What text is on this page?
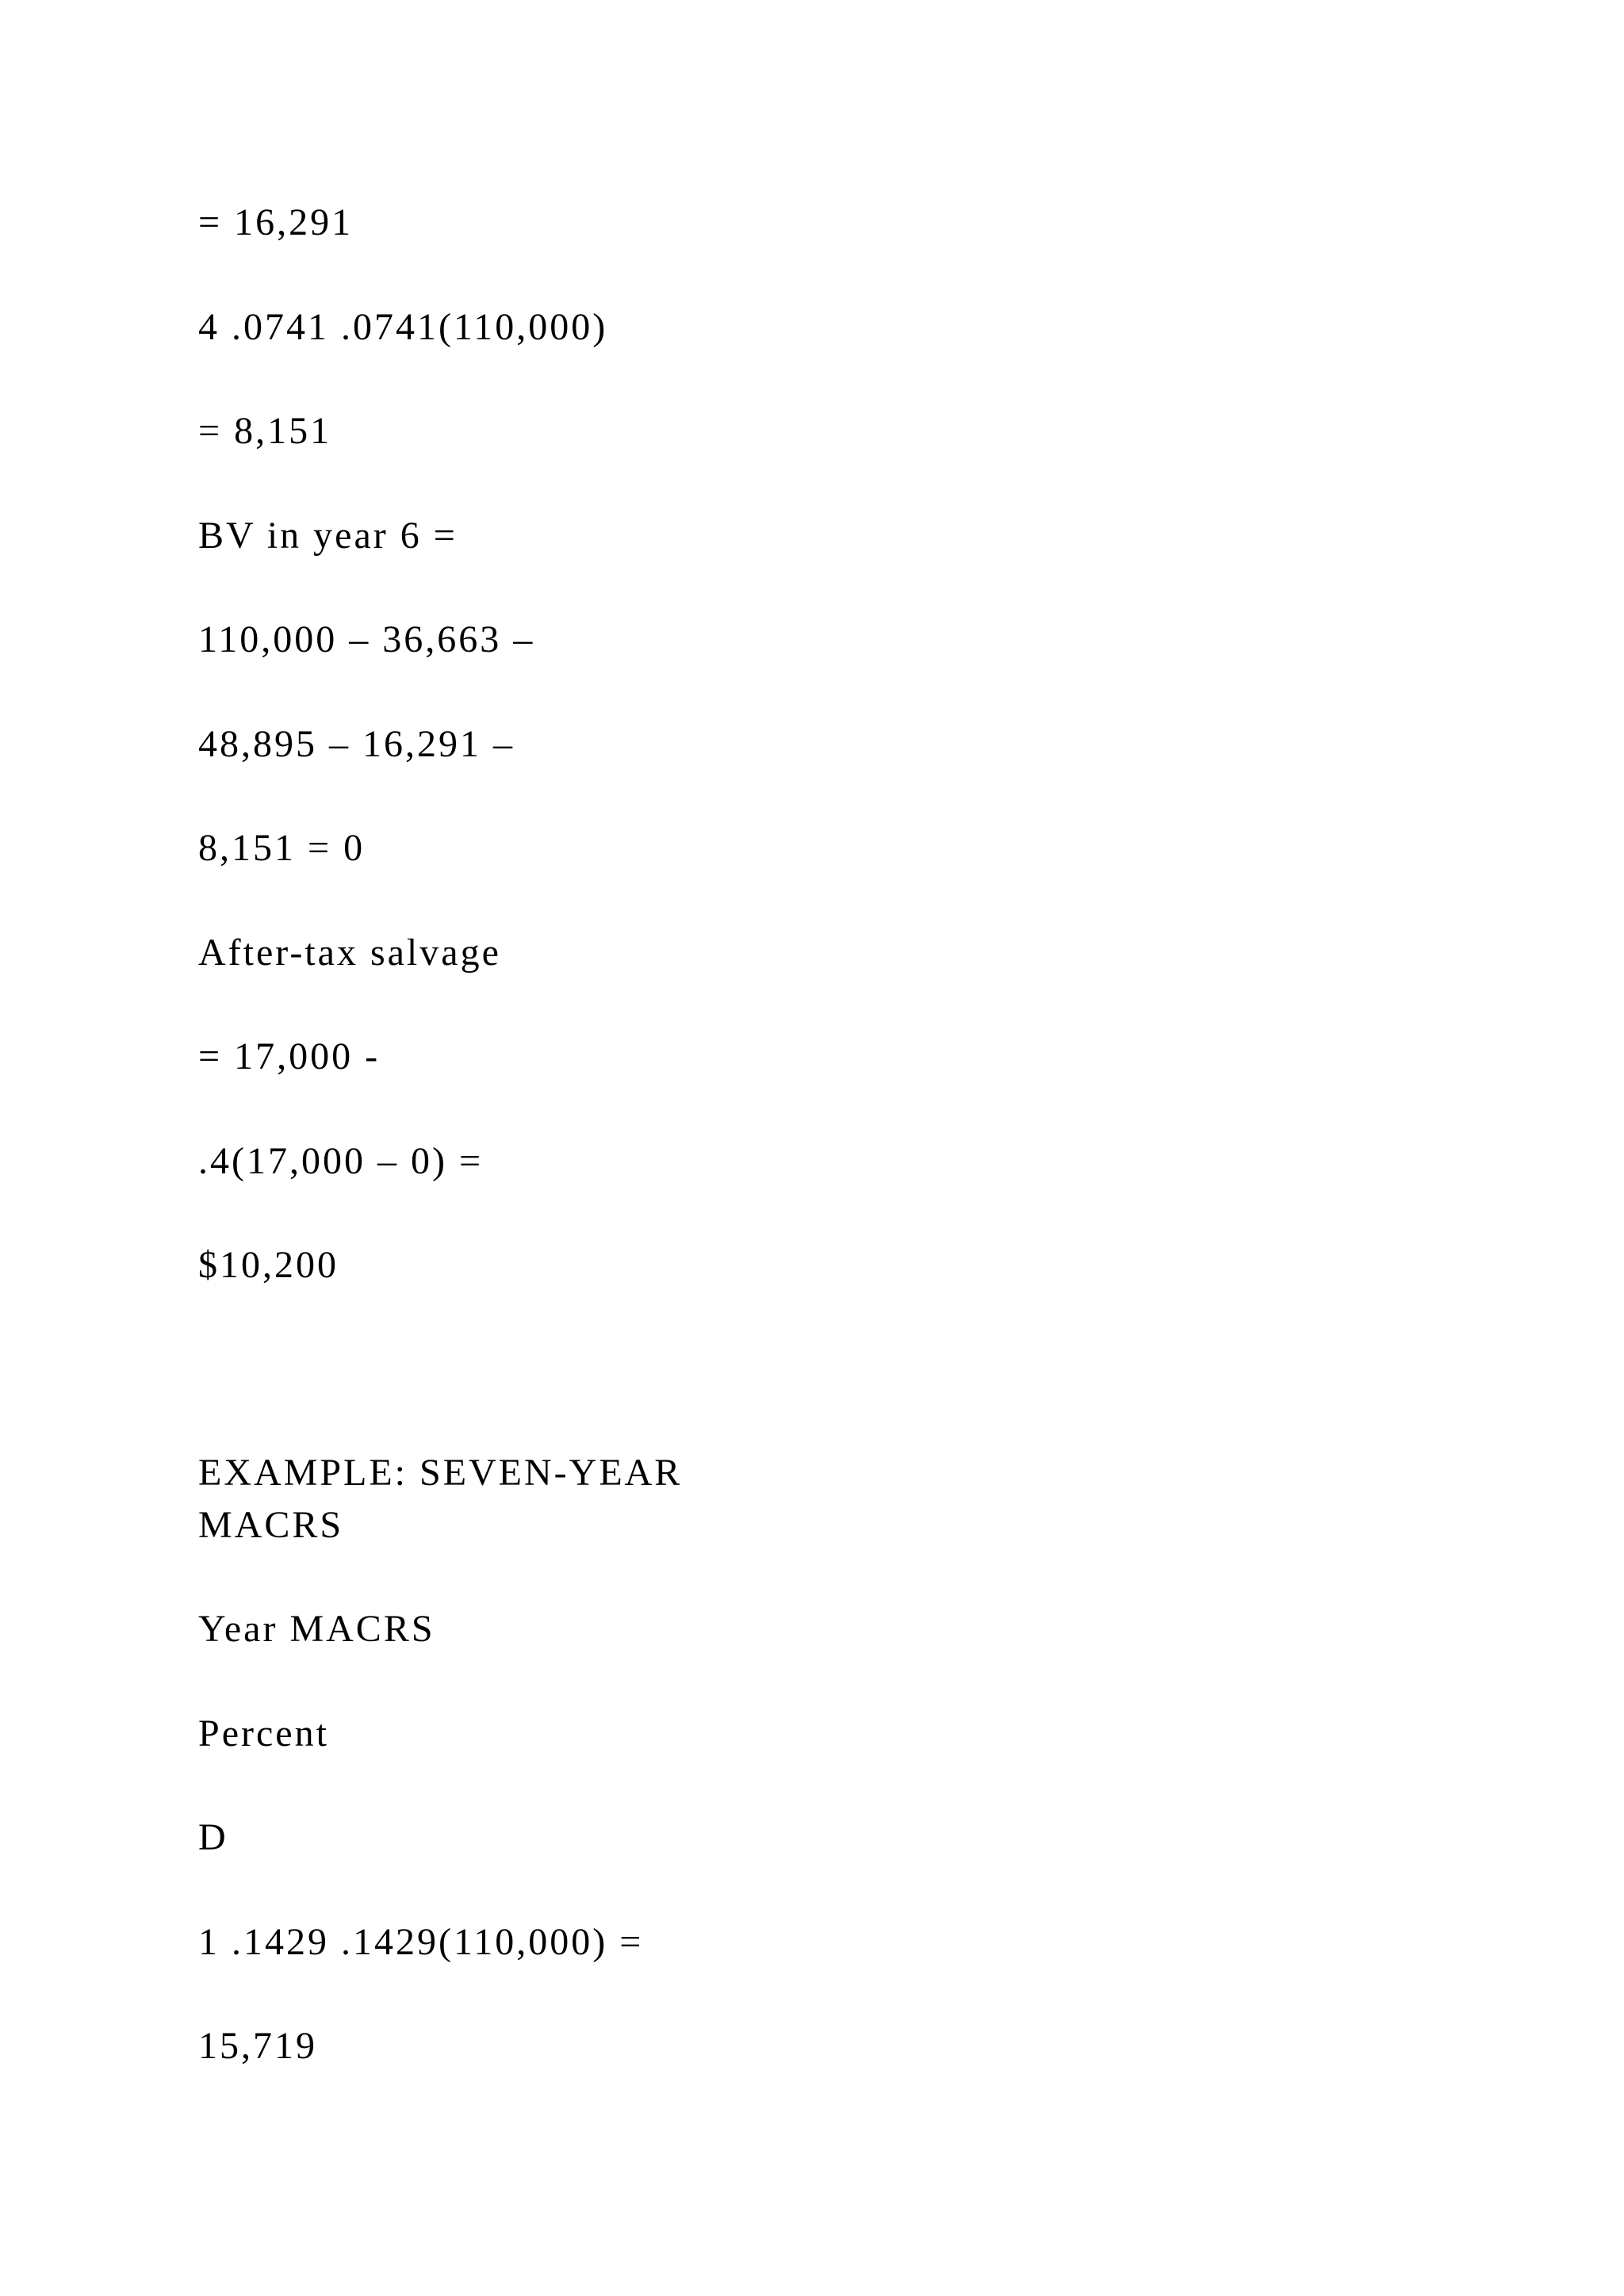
= 16,291

4 .0741 .0741(110,000)

= 8,151

BV in year 6 =

110,000 – 36,663 –

48,895 – 16,291 –

8,151 = 0

After-tax salvage

= 17,000 -

.4(17,000 – 0) =

$10,200

EXAMPLE: SEVEN-YEAR
MACRS

Year MACRS

Percent

D

1 .1429 .1429(110,000) =

15,719
